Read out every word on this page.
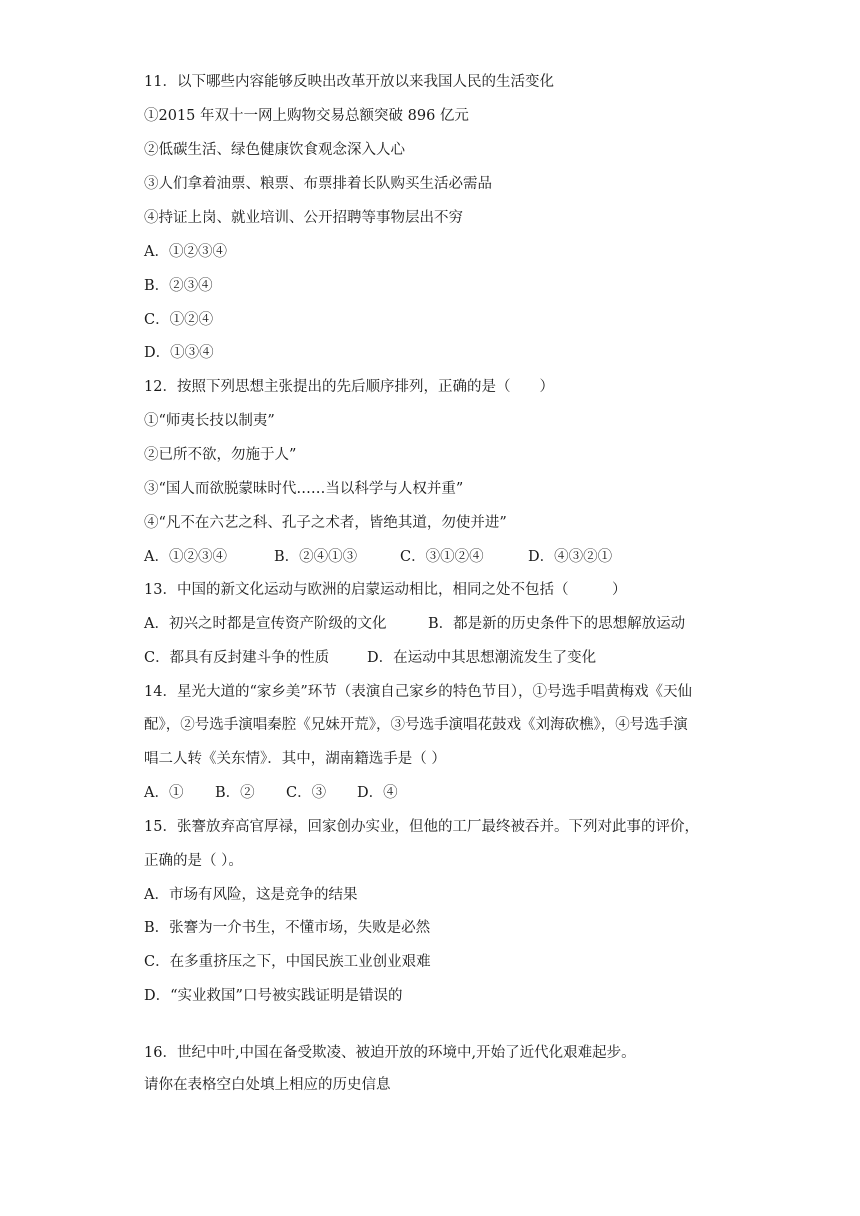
11．以下哪些内容能够反映出改革开放以来我国人民的生活变化
①2015 年双十一网上购物交易总额突破 896 亿元
②低碳生活、绿色健康饮食观念深入人心
③人们拿着油票、粮票、布票排着长队购买生活必需品
④持证上岗、就业培训、公开招聘等事物层出不穷
A．①②③④
B．②③④
C．①②④
D．①③④
12．按照下列思想主张提出的先后顺序排列，正确的是（　　）
①“师夷长技以制夷”
②已所不欲，勿施于人”
③“国人而欲脱蒙昧时代……当以科学与人权并重”
④“凡不在六艺之科、孔子之术者，皆绝其道，勿使并进”
A．①②③④	B．②④①③	C．③①②④	D．④③②①
13．中国的新文化运动与欧洲的启蒙运动相比，相同之处不包括（　　　）
A．初兴之时都是宣传资产阶级的文化	B．都是新的历史条件下的思想解放运动
C．都具有反封建斗争的性质	D．在运动中其思想潮流发生了变化
14．星光大道的“家乡美”环节（表演自己家乡的特色节目），①号选手唱黄梅戏《天仙
配》，②号选手演唱秦腔《兄妹开荒》，③号选手演唱花鼓戏《刘海砍樵》，④号选手演
唱二人转《关东情》．其中，湖南籍选手是（ ）
A．① B．② C．③ D．④
15．张謇放弃高官厚禄，回家创办实业，但他的工厂最终被吞并。下列对此事的评价，
正确的是（ ）。
A．市场有风险，这是竞争的结果
B．张謇为一介书生，不懂市场，失败是必然
C．在多重挤压之下，中国民族工业创业艰难
D．“实业救国”口号被实践证明是错误的
16．世纪中叶,中国在备受欺凌、被迫开放的环境中,开始了近代化艰难起步。
请你在表格空白处填上相应的历史信息
